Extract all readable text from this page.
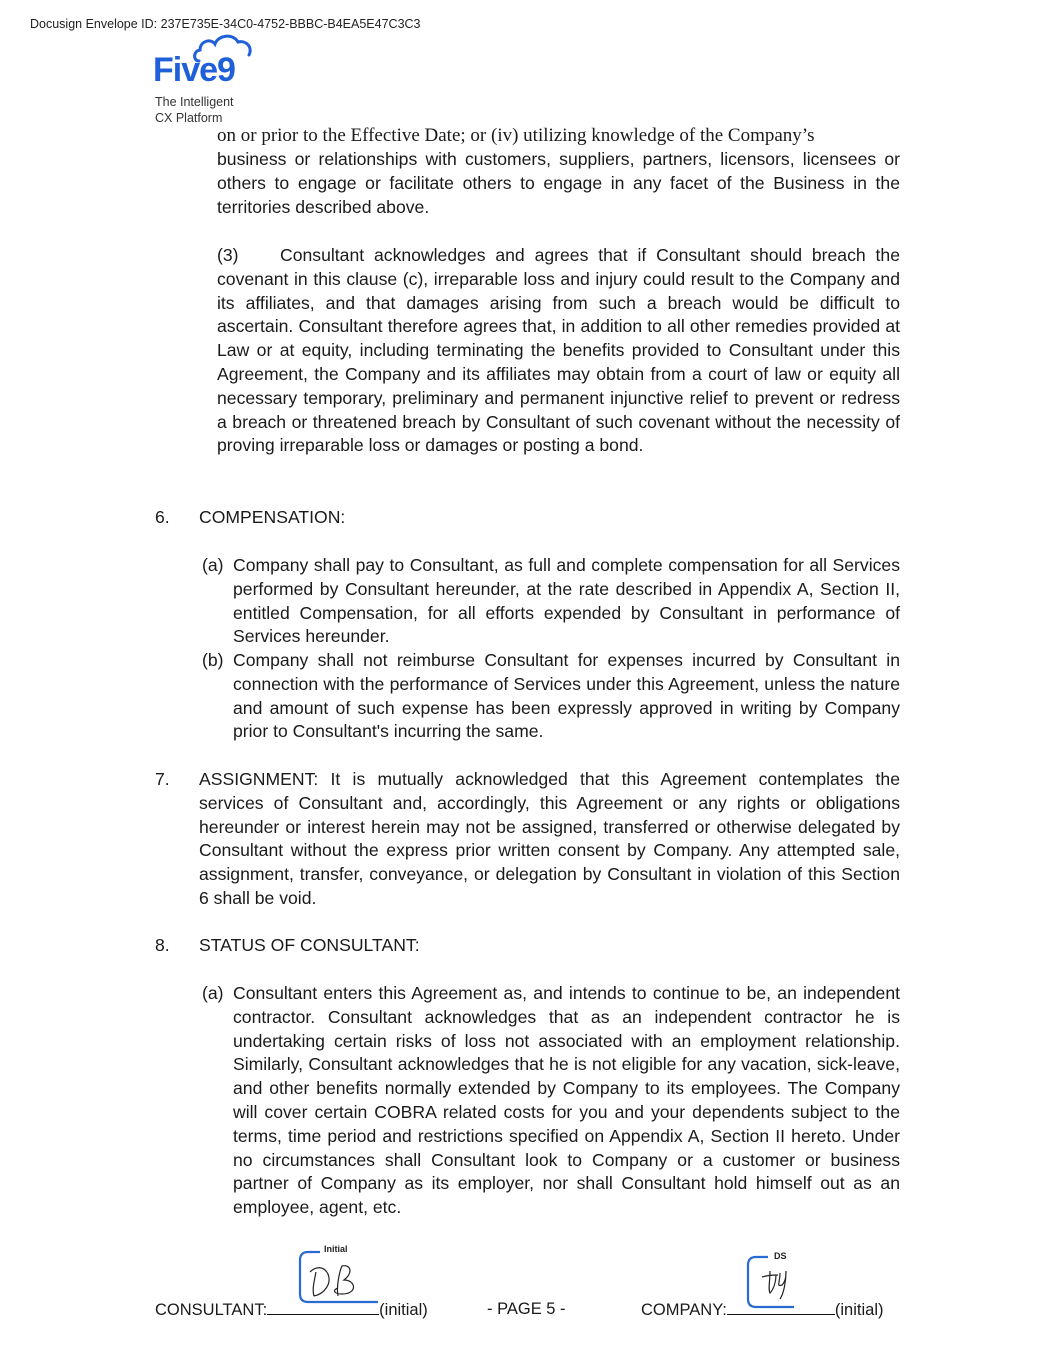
Docusign Envelope ID: 237E735E-34C0-4752-BBBC-B4EA5E47C3C3
Five9
The Intelligent
CX Platform
on or prior to the Effective Date; or (iv) utilizing knowledge of the Company’s
business or relationships with customers, suppliers, partners, licensors, licensees or others to engage or facilitate others to engage in any facet of the Business in the territories described above.
(3)	Consultant acknowledges and agrees that if Consultant should breach the covenant in this clause (c), irreparable loss and injury could result to the Company and its affiliates, and that damages arising from such a breach would be difficult to ascertain. Consultant therefore agrees that, in addition to all other remedies provided at Law or at equity, including terminating the benefits provided to Consultant under this Agreement, the Company and its affiliates may obtain from a court of law or equity all necessary temporary, preliminary and permanent injunctive relief to prevent or redress a breach or threatened breach by Consultant of such covenant without the necessity of proving irreparable loss or damages or posting a bond.
6. COMPENSATION:
(a) Company shall pay to Consultant, as full and complete compensation for all Services performed by Consultant hereunder, at the rate described in Appendix A, Section II, entitled Compensation, for all efforts expended by Consultant in performance of Services hereunder.
(b) Company shall not reimburse Consultant for expenses incurred by Consultant in connection with the performance of Services under this Agreement, unless the nature and amount of such expense has been expressly approved in writing by Company prior to Consultant's incurring the same.
7. ASSIGNMENT: It is mutually acknowledged that this Agreement contemplates the services of Consultant and, accordingly, this Agreement or any rights or obligations hereunder or interest herein may not be assigned, transferred or otherwise delegated by Consultant without the express prior written consent by Company. Any attempted sale, assignment, transfer, conveyance, or delegation by Consultant in violation of this Section 6 shall be void.
8. STATUS OF CONSULTANT:
(a) Consultant enters this Agreement as, and intends to continue to be, an independent contractor. Consultant acknowledges that as an independent contractor he is undertaking certain risks of loss not associated with an employment relationship. Similarly, Consultant acknowledges that he is not eligible for any vacation, sick-leave, and other benefits normally extended by Company to its employees. The Company will cover certain COBRA related costs for you and your dependents subject to the terms, time period and restrictions specified on Appendix A, Section II hereto. Under no circumstances shall Consultant look to Company or a customer or business partner of Company as its employer, nor shall Consultant hold himself out as an employee, agent, etc.
Initial
DS
CONSULTANT:	(initial)	- PAGE 5 -	COMPANY:	(initial)
